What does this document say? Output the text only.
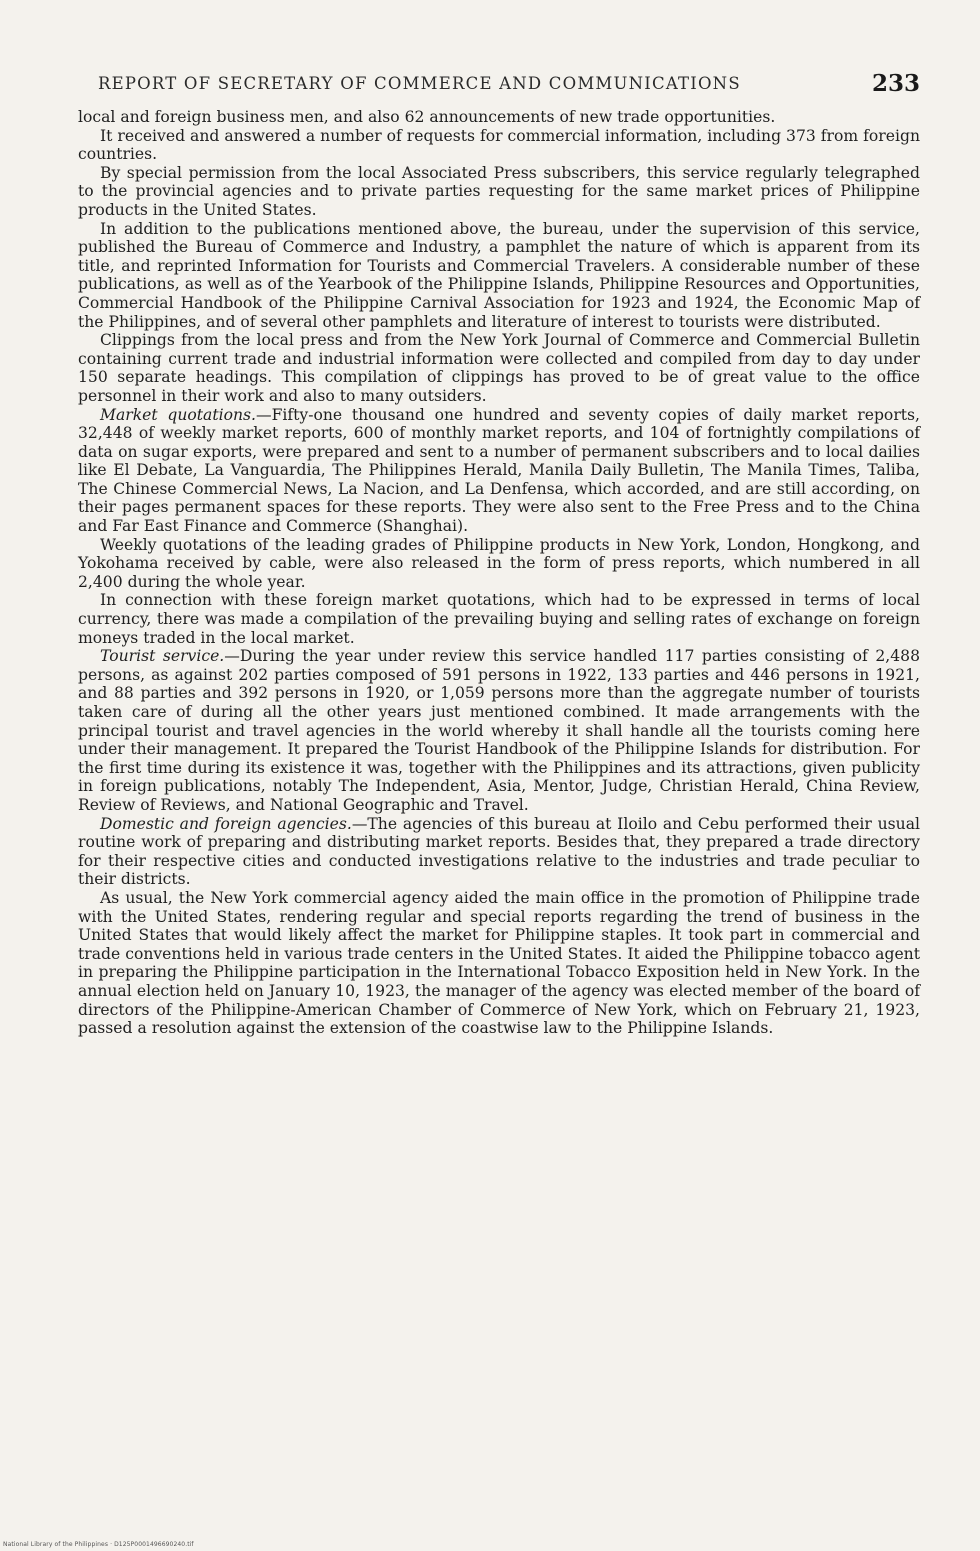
REPORT OF SECRETARY OF COMMERCE AND COMMUNICATIONS	233

local and foreign business men, and also 62 announcements of new trade opportunities.

It received and answered a number of requests for commercial information, including 373 from foreign countries.

By special permission from the local Associated Press subscribers, this service regularly telegraphed to the provincial agencies and to private parties requesting for the same market prices of Philippine products in the United States.

In addition to the publications mentioned above, the bureau, under the supervision of this service, published the Bureau of Commerce and Industry, a pamphlet the nature of which is apparent from its title, and reprinted Information for Tourists and Commercial Travelers. A considerable number of these publications, as well as of the Yearbook of the Philippine Islands, Philippine Resources and Opportunities, Commercial Handbook of the Philippine Carnival Association for 1923 and 1924, the Economic Map of the Philippines, and of several other pamphlets and literature of interest to tourists were distributed.

Clippings from the local press and from the New York Journal of Commerce and Commercial Bulletin containing current trade and industrial information were collected and compiled from day to day under 150 separate headings. This compilation of clippings has proved to be of great value to the office personnel in their work and also to many outsiders.

Market quotations.—Fifty-one thousand one hundred and seventy copies of daily market reports, 32,448 of weekly market reports, 600 of monthly market reports, and 104 of fortnightly compilations of data on sugar exports, were prepared and sent to a number of permanent subscribers and to local dailies like El Debate, La Vanguardia, The Philippines Herald, Manila Daily Bulletin, The Manila Times, Taliba, The Chinese Commercial News, La Nacion, and La Denfensa, which accorded, and are still according, on their pages permanent spaces for these reports. They were also sent to the Free Press and to the China and Far East Finance and Commerce (Shanghai).

Weekly quotations of the leading grades of Philippine products in New York, London, Hongkong, and Yokohama received by cable, were also released in the form of press reports, which numbered in all 2,400 during the whole year.

In connection with these foreign market quotations, which had to be expressed in terms of local currency, there was made a compilation of the prevailing buying and selling rates of exchange on foreign moneys traded in the local market.

Tourist service.—During the year under review this service handled 117 parties consisting of 2,488 persons, as against 202 parties composed of 591 persons in 1922, 133 parties and 446 persons in 1921, and 88 parties and 392 persons in 1920, or 1,059 persons more than the aggregate number of tourists taken care of during all the other years just mentioned combined. It made arrangements with the principal tourist and travel agencies in the world whereby it shall handle all the tourists coming here under their management. It prepared the Tourist Handbook of the Philippine Islands for distribution. For the first time during its existence it was, together with the Philippines and its attractions, given publicity in foreign publications, notably The Independent, Asia, Mentor, Judge, Christian Herald, China Review, Review of Reviews, and National Geographic and Travel.

Domestic and foreign agencies.—The agencies of this bureau at Iloilo and Cebu performed their usual routine work of preparing and distributing market reports. Besides that, they prepared a trade directory for their respective cities and conducted investigations relative to the industries and trade peculiar to their districts.

As usual, the New York commercial agency aided the main office in the promotion of Philippine trade with the United States, rendering regular and special reports regarding the trend of business in the United States that would likely affect the market for Philippine staples. It took part in commercial and trade conventions held in various trade centers in the United States. It aided the Philippine tobacco agent in preparing the Philippine participation in the International Tobacco Exposition held in New York. In the annual election held on January 10, 1923, the manager of the agency was elected member of the board of directors of the Philippine-American Chamber of Commerce of New York, which on February 21, 1923, passed a resolution against the extension of the coastwise law to the Philippine Islands.

National Library of the Philippines · D125P0001496690240.tif
